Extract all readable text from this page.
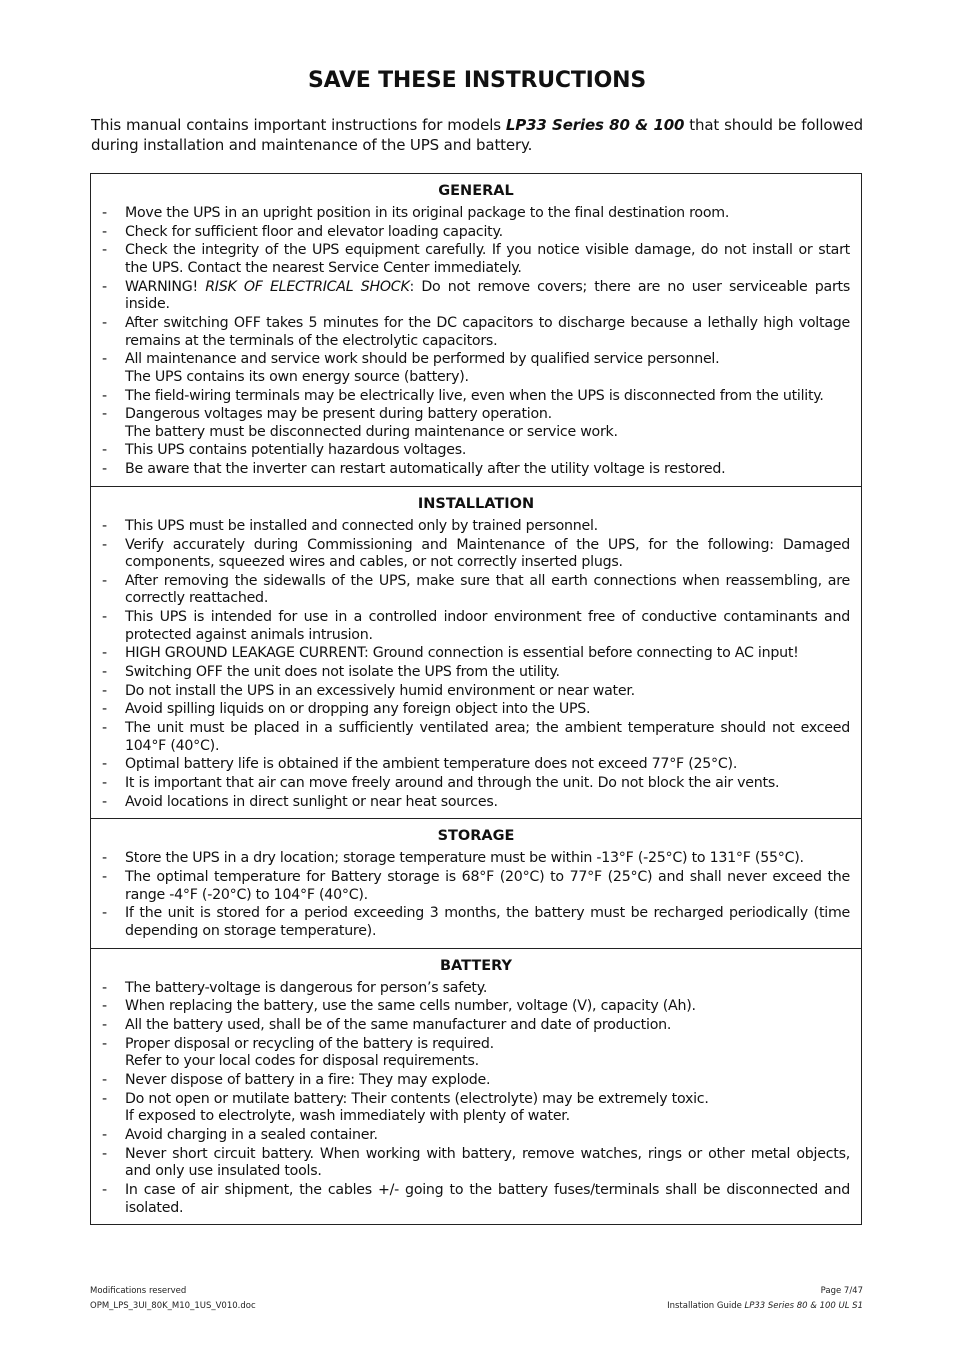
SAVE THESE INSTRUCTIONS
This manual contains important instructions for models LP33 Series 80 & 100 that should be followed during installation and maintenance of the UPS and battery.
GENERAL
- Move the UPS in an upright position in its original package to the final destination room.
- Check for sufficient floor and elevator loading capacity.
- Check the integrity of the UPS equipment carefully. If you notice visible damage, do not install or start the UPS. Contact the nearest Service Center immediately.
- WARNING! RISK OF ELECTRICAL SHOCK: Do not remove covers; there are no user serviceable parts inside.
- After switching OFF takes 5 minutes for the DC capacitors to discharge because a lethally high voltage remains at the terminals of the electrolytic capacitors.
- All maintenance and service work should be performed by qualified service personnel.
The UPS contains its own energy source (battery).
- The field-wiring terminals may be electrically live, even when the UPS is disconnected from the utility.
- Dangerous voltages may be present during battery operation.
The battery must be disconnected during maintenance or service work.
- This UPS contains potentially hazardous voltages.
- Be aware that the inverter can restart automatically after the utility voltage is restored.
INSTALLATION
- This UPS must be installed and connected only by trained personnel.
- Verify accurately during Commissioning and Maintenance of the UPS, for the following: Damaged components, squeezed wires and cables, or not correctly inserted plugs.
- After removing the sidewalls of the UPS, make sure that all earth connections when reassembling, are correctly reattached.
- This UPS is intended for use in a controlled indoor environment free of conductive contaminants and protected against animals intrusion.
- HIGH GROUND LEAKAGE CURRENT: Ground connection is essential before connecting to AC input!
- Switching OFF the unit does not isolate the UPS from the utility.
- Do not install the UPS in an excessively humid environment or near water.
- Avoid spilling liquids on or dropping any foreign object into the UPS.
- The unit must be placed in a sufficiently ventilated area; the ambient temperature should not exceed 104°F (40°C).
- Optimal battery life is obtained if the ambient temperature does not exceed 77°F (25°C).
- It is important that air can move freely around and through the unit. Do not block the air vents.
- Avoid locations in direct sunlight or near heat sources.
STORAGE
- Store the UPS in a dry location; storage temperature must be within -13°F (-25°C) to 131°F (55°C).
- The optimal temperature for Battery storage is 68°F (20°C) to 77°F (25°C) and shall never exceed the range -4°F (-20°C) to 104°F (40°C).
- If the unit is stored for a period exceeding 3 months, the battery must be recharged periodically (time depending on storage temperature).
BATTERY
- The battery-voltage is dangerous for person’s safety.
- When replacing the battery, use the same cells number, voltage (V), capacity (Ah).
- All the battery used, shall be of the same manufacturer and date of production.
- Proper disposal or recycling of the battery is required.
Refer to your local codes for disposal requirements.
- Never dispose of battery in a fire: They may explode.
- Do not open or mutilate battery: Their contents (electrolyte) may be extremely toxic.
If exposed to electrolyte, wash immediately with plenty of water.
- Avoid charging in a sealed container.
- Never short circuit battery. When working with battery, remove watches, rings or other metal objects, and only use insulated tools.
- In case of air shipment, the cables +/- going to the battery fuses/terminals shall be disconnected and isolated.
Modifications reserved
OPM_LPS_3UI_80K_M10_1US_V010.doc
Page 7/47
Installation Guide LP33 Series 80 & 100 UL S1
